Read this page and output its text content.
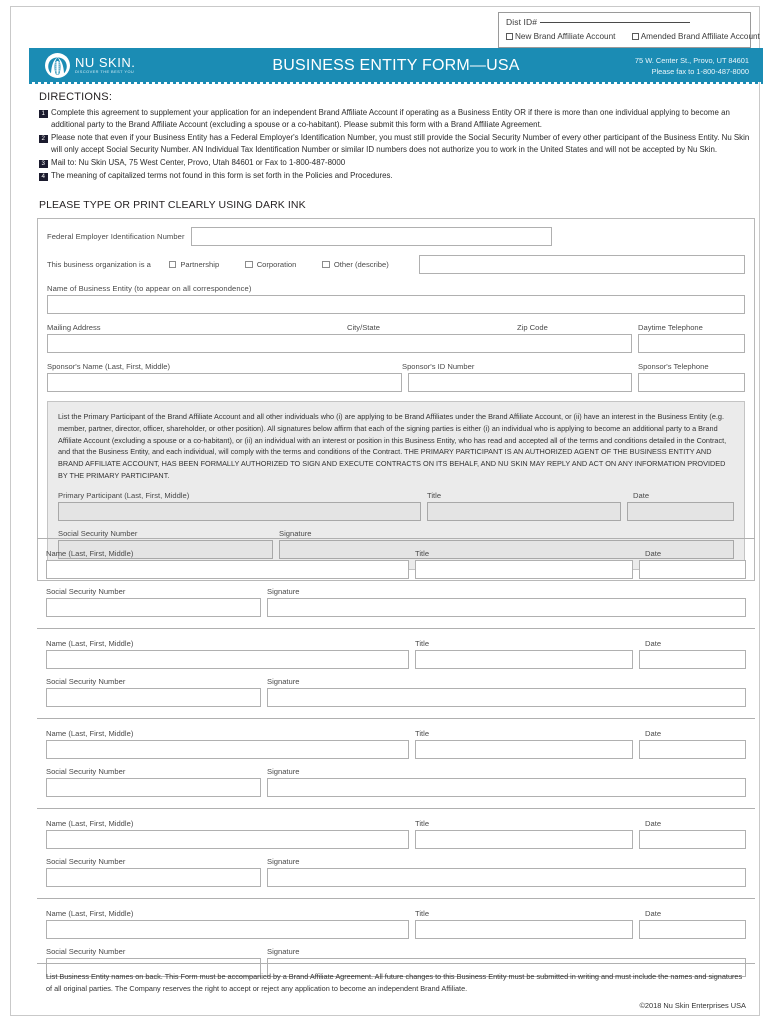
Dist ID#
New Brand Affiliate Account	Amended Brand Affiliate Account
NU SKIN.
DISCOVER THE BEST YOU	BUSINESS ENTITY FORM—USA	75 W. Center St., Provo, UT 84601
Please fax to 1-800-487-8000
DIRECTIONS:
1 Complete this agreement to supplement your application for an independent Brand Affiliate Account if operating as a Business Entity OR if there is more than one individual applying to become an additional party to the Brand Affiliate Account (excluding a spouse or a co-habitant). Please submit this form with a Brand Affiliate Agreement.
2 Please note that even if your Business Entity has a Federal Employer's Identification Number, you must still provide the Social Security Number of every other participant of the Business Entity. Nu Skin will only accept Social Security Number. AN Individual Tax Identification Number or similar ID numbers does not authorize you to work in the United States and will not be accepted by Nu Skin.
3 Mail to: Nu Skin USA, 75 West Center, Provo, Utah 84601 or Fax to 1-800-487-8000
4 The meaning of capitalized terms not found in this form is set forth in the Policies and Procedures.
PLEASE TYPE OR PRINT CLEARLY USING DARK INK
Federal Employer Identification Number
This business organization is a	Partnership	Corporation	Other (describe)
Name of Business Entity (to appear on all correspondence)
Mailing Address	City/State	Zip Code	Daytime Telephone
Sponsor's Name (Last, First, Middle)	Sponsor's ID Number	Sponsor's Telephone
List the Primary Participant of the Brand Affiliate Account and all other individuals who (i) are applying to be Brand Affiliates under the Brand Affiliate Account, or (ii) have an interest in the Business Entity (e.g. member, partner, director, officer, shareholder, or other position). All signatures below affirm that each of the signing parties is either (i) an individual who is applying to become an additional party to a Brand Affiliate Account (excluding a spouse or a co-habitant), or (ii) an individual with an interest or position in this Business Entity, who has read and accepted all of the terms and conditions detailed in the Contract, and that the Business Entity, and each individual, will comply with the terms and conditions of the Contract. THE PRIMARY PARTICIPANT IS AN AUTHORIZED AGENT OF THE BUSINESS ENTITY AND BRAND AFFILIATE ACCOUNT, HAS BEEN FORMALLY AUTHORIZED TO SIGN AND EXECUTE CONTRACTS ON ITS BEHALF, AND NU SKIN MAY REPLY AND ACT ON ANY INFORMATION PROVIDED BY THE PRIMARY PARTICIPANT.
Primary Participant (Last, First, Middle)	Title	Date
Social Security Number	Signature
Name (Last, First, Middle)	Title	Date
Social Security Number	Signature
Name (Last, First, Middle)	Title	Date
Social Security Number	Signature
Name (Last, First, Middle)	Title	Date
Social Security Number	Signature
Name (Last, First, Middle)	Title	Date
Social Security Number	Signature
Name (Last, First, Middle)	Title	Date
Social Security Number	Signature
List Business Entity names on back. This Form must be accompanied by a Brand Affiliate Agreement. All future changes to this Business Entity must be submitted in writing and must include the names and signatures of all original parties. The Company reserves the right to accept or reject any application to become an independent Brand Affiliate.
©2018 Nu Skin Enterprises USA
